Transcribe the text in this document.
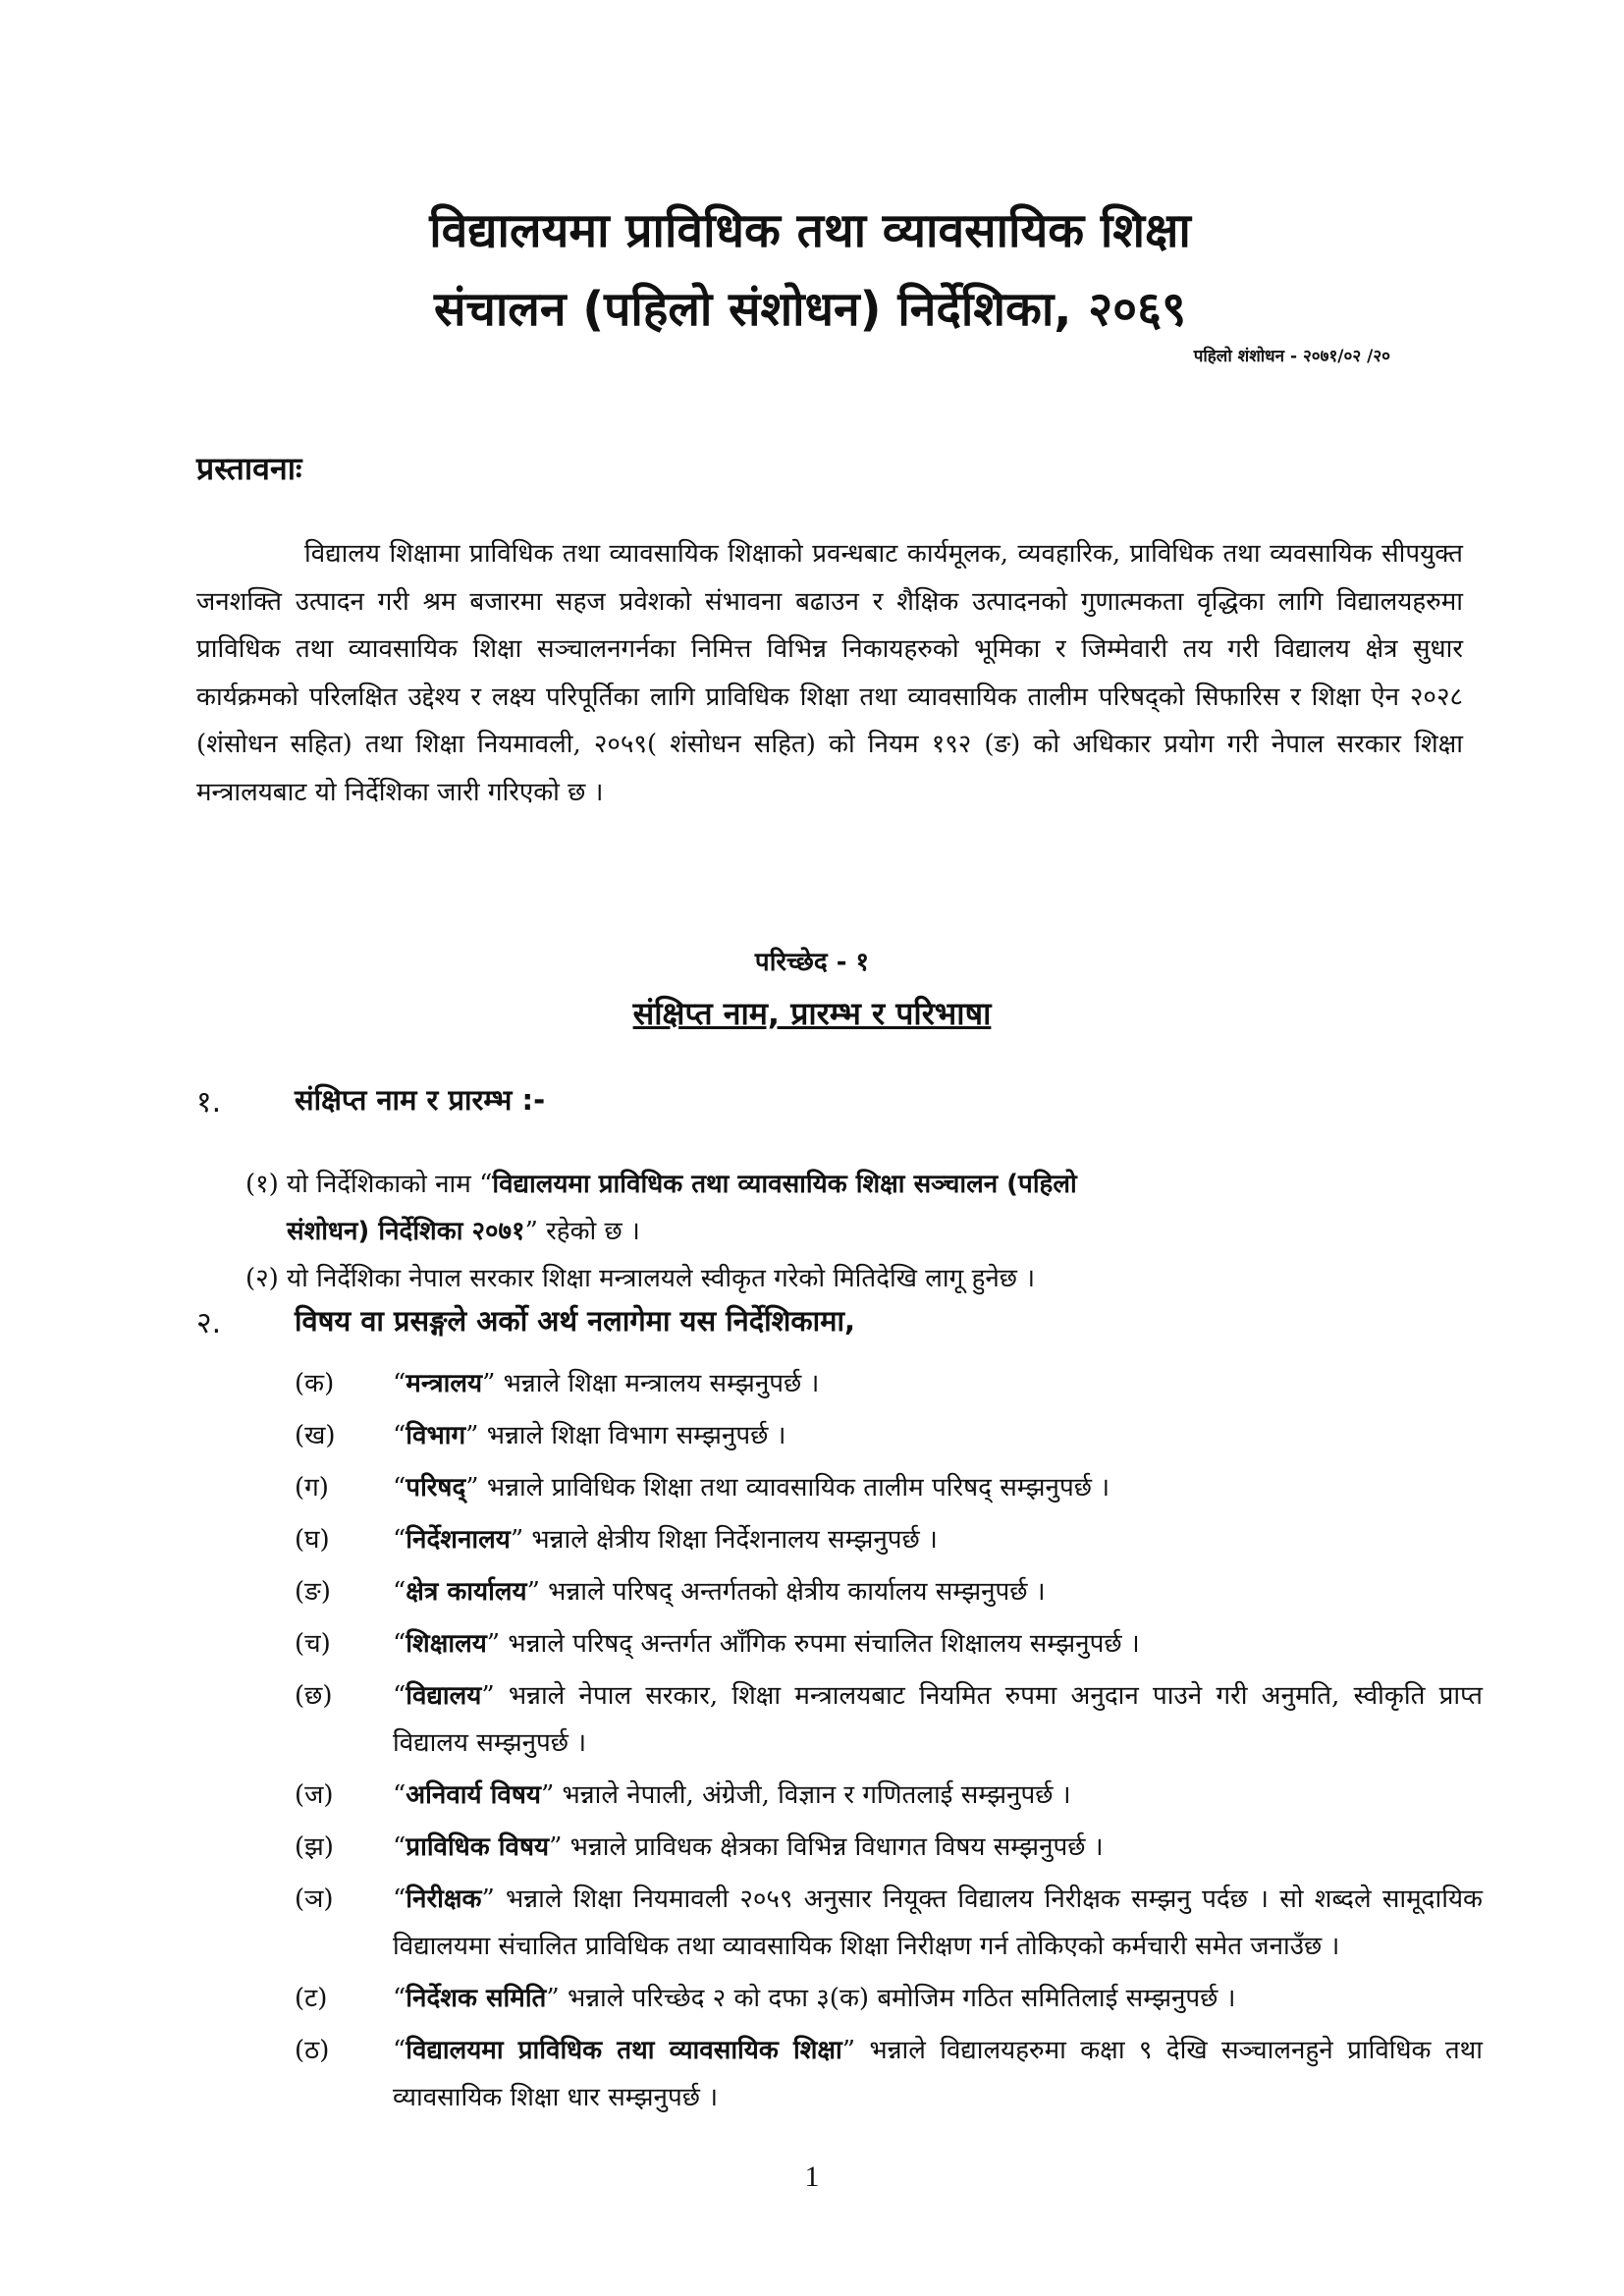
विद्यालयमा प्राविधिक तथा व्यावसायिक शिक्षा
संचालन (पहिलो संशोधन) निर्देशिका, २०६९
पहिलो शंशोधन - २०७१/०२ /२०
प्रस्तावनाः

विद्यालय शिक्षामा प्राविधिक तथा व्यावसायिक शिक्षाको प्रवन्धबाट कार्यमूलक, व्यवहारिक, प्राविधिक तथा व्यवसायिक सीपयुक्त जनशक्ति उत्पादन गरी श्रम बजारमा सहज प्रवेशको संभावना बढाउन र शैक्षिक उत्पादनको गुणात्मकता वृद्धिका लागि विद्यालयहरुमा प्राविधिक तथा व्यावसायिक शिक्षा सञ्चालनगर्नका निमित्त विभिन्न निकायहरुको भूमिका र जिम्मेवारी तय गरी विद्यालय क्षेत्र सुधार कार्यक्रमको परिलक्षित उद्देश्य र लक्ष्य परिपूर्तिका लागि प्राविधिक शिक्षा तथा व्यावसायिक तालीम परिषद्को सिफारिस र शिक्षा ऐन २०२८ (शंसोधन सहित) तथा शिक्षा नियमावली, २०५९( शंसोधन सहित) को नियम १९२ (ङ) को अधिकार प्रयोग गरी नेपाल सरकार शिक्षा मन्त्रालयबाट यो निर्देशिका जारी गरिएको छ ।

परिच्छेद - १
संक्षिप्त नाम, प्रारम्भ र परिभाषा
१.	संक्षिप्त नाम र प्रारम्भ :-
(१) यो निर्देशिकाको नाम “विद्यालयमा प्राविधिक तथा व्यावसायिक शिक्षा सञ्चालन (पहिलो
संशोधन) निर्देशिका २०७१” रहेको छ ।
(२) यो निर्देशिका नेपाल सरकार शिक्षा मन्त्रालयले स्वीकृत गरेको मितिदेखि लागू हुनेछ ।
२.	विषय वा प्रसङ्गले अर्को अर्थ नलागेमा यस निर्देशिकामा,
(क)	“मन्त्रालय” भन्नाले शिक्षा मन्त्रालय सम्झनुपर्छ ।
(ख)	“विभाग” भन्नाले शिक्षा विभाग सम्झनुपर्छ ।
(ग)	“परिषद्” भन्नाले प्राविधिक शिक्षा तथा व्यावसायिक तालीम परिषद् सम्झनुपर्छ ।
(घ)	“निर्देशनालय” भन्नाले क्षेत्रीय शिक्षा निर्देशनालय सम्झनुपर्छ ।
(ङ)	“क्षेत्र कार्यालय” भन्नाले परिषद् अन्तर्गतको क्षेत्रीय कार्यालय सम्झनुपर्छ ।
(च)	“शिक्षालय” भन्नाले परिषद् अन्तर्गत आँगिक रुपमा संचालित शिक्षालय सम्झनुपर्छ ।
(छ)	“विद्यालय” भन्नाले नेपाल सरकार, शिक्षा मन्त्रालयबाट नियमित रुपमा अनुदान पाउने गरी अनुमति, स्वीकृति प्राप्त विद्यालय सम्झनुपर्छ ।
(ज)	“अनिवार्य विषय” भन्नाले नेपाली, अंग्रेजी, विज्ञान र गणितलाई सम्झनुपर्छ ।
(झ)	“प्राविधिक विषय” भन्नाले प्राविधक क्षेत्रका विभिन्न विधागत विषय सम्झनुपर्छ ।
(ञ)	“निरीक्षक” भन्नाले शिक्षा नियमावली २०५९ अनुसार नियूक्त विद्यालय निरीक्षक सम्झनु पर्दछ । सो शब्दले सामूदायिक विद्यालयमा संचालित प्राविधिक तथा व्यावसायिक शिक्षा निरीक्षण गर्न तोकिएको कर्मचारी समेत जनाउँछ ।
(ट)	“निर्देशक समिति” भन्नाले परिच्छेद २ को दफा ३(क) बमोजिम गठित समितिलाई सम्झनुपर्छ ।
(ठ)	“विद्यालयमा प्राविधिक तथा व्यावसायिक शिक्षा” भन्नाले विद्यालयहरुमा कक्षा ९ देखि सञ्चालनहुने प्राविधिक तथा व्यावसायिक शिक्षा धार सम्झनुपर्छ ।
1
